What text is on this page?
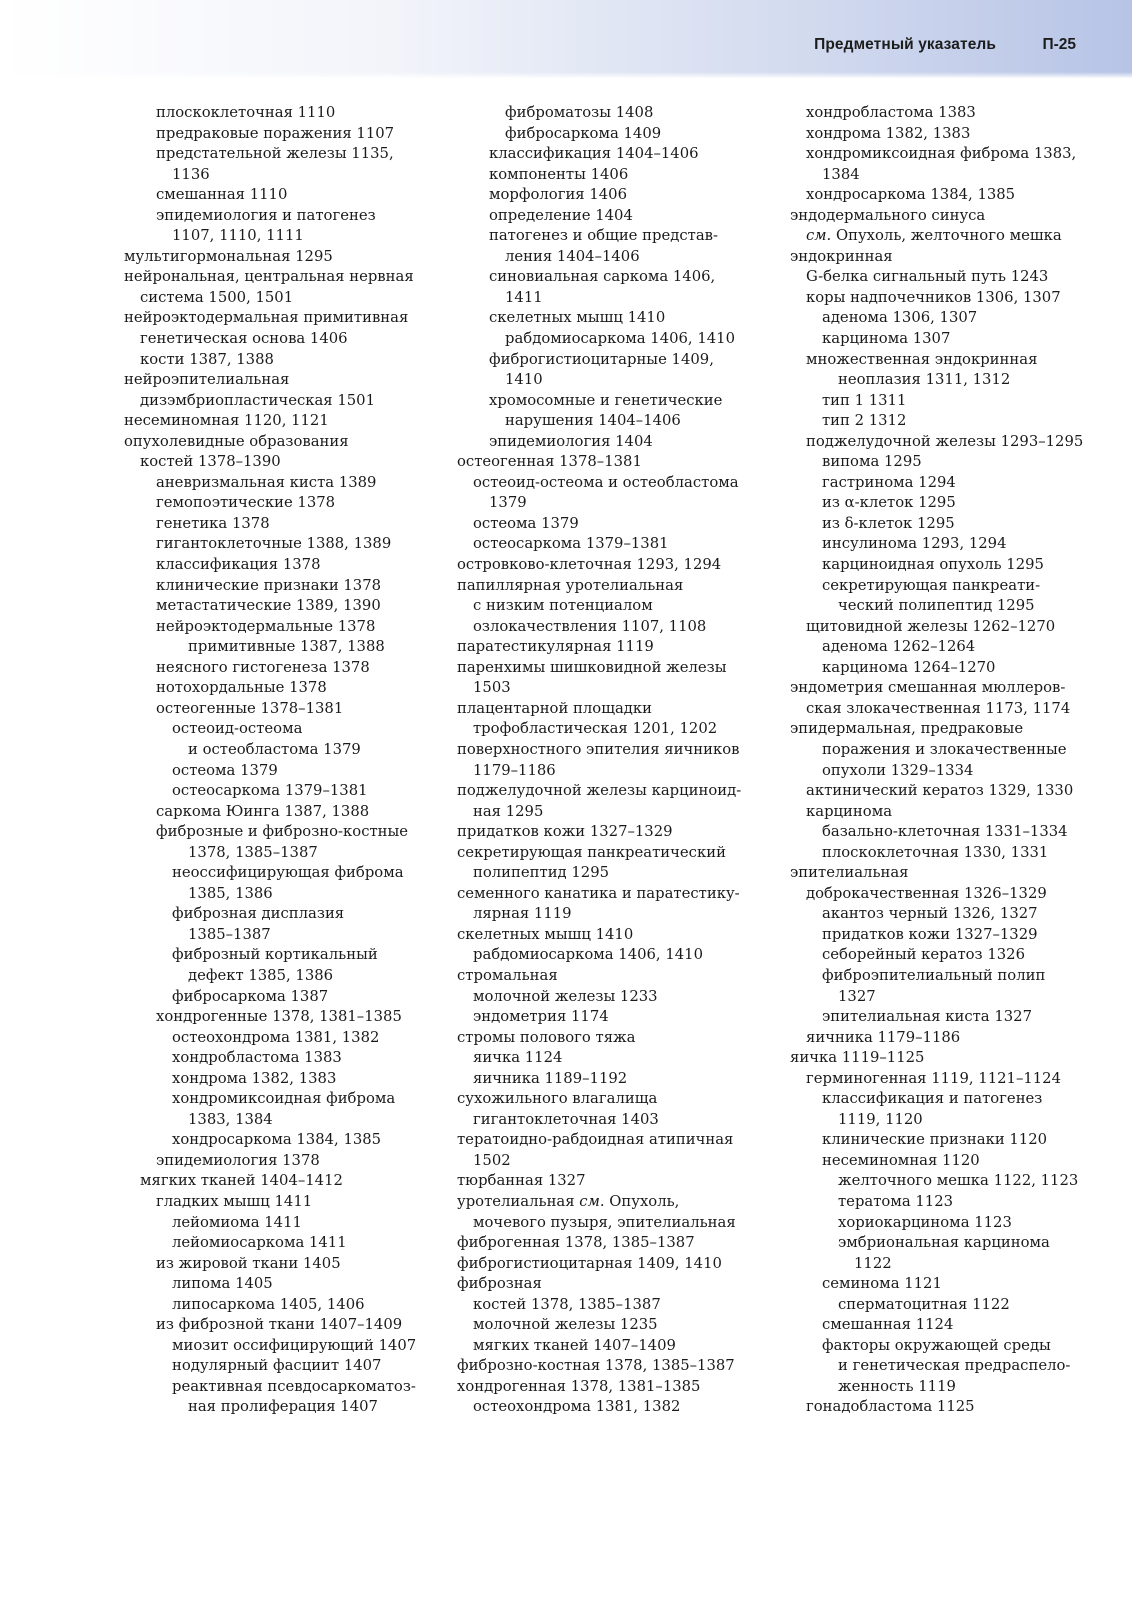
Предметный указатель	П-25
плоскоклеточная 1110
предраковые поражения 1107
предстательной железы 1135,
1136
смешанная 1110
эпидемиология и патогенез
1107, 1110, 1111
мультигормональная 1295
нейрональная, центральная нервная
система 1500, 1501
нейроэктодермальная примитивная
генетическая основа 1406
кости 1387, 1388
нейроэпителиальная
дизэмбриопластическая 1501
несеминомная 1120, 1121
опухолевидные образования
костей 1378–1390
аневризмальная киста 1389
гемопоэтические 1378
генетика 1378
гигантоклеточные 1388, 1389
классификация 1378
клинические признаки 1378
метастатические 1389, 1390
нейроэктодермальные 1378
примитивные 1387, 1388
неясного гистогенеза 1378
нотохордальные 1378
остеогенные 1378–1381
остеоид-остеома
и остеобластома 1379
остеома 1379
остеосаркома 1379–1381
саркома Юинга 1387, 1388
фиброзные и фиброзно-костные
1378, 1385–1387
неоссифицирующая фиброма
1385, 1386
фиброзная дисплазия
1385–1387
фиброзный кортикальный
дефект 1385, 1386
фибросаркома 1387
хондрогенные 1378, 1381–1385
остеохондрома 1381, 1382
хондробластома 1383
хондрома 1382, 1383
хондромиксоидная фиброма
1383, 1384
хондросаркома 1384, 1385
эпидемиология 1378
мягких тканей 1404–1412
гладких мышц 1411
лейомиома 1411
лейомиосаркома 1411
из жировой ткани 1405
липома 1405
липосаркома 1405, 1406
из фиброзной ткани 1407–1409
миозит оссифицирующий 1407
нодулярный фасциит 1407
реактивная псевдосаркоматоз-
ная пролиферация 1407
фиброматозы 1408
фибросаркома 1409
классификация 1404–1406
компоненты 1406
морфология 1406
определение 1404
патогенез и общие представ-
ления 1404–1406
синовиальная саркома 1406,
1411
скелетных мышц 1410
рабдомиосаркома 1406, 1410
фиброгистиоцитарные 1409,
1410
хромосомные и генетические
нарушения 1404–1406
эпидемиология 1404
остеогенная 1378–1381
остеоид-остеома и остеобластома
1379
остеома 1379
остеосаркома 1379–1381
островково-клеточная 1293, 1294
папиллярная уротелиальная
с низким потенциалом
озлокачествления 1107, 1108
паратестикулярная 1119
паренхимы шишковидной железы
1503
плацентарной площадки
трофобластическая 1201, 1202
поверхностного эпителия яичников
1179–1186
поджелудочной железы карциноид-
ная 1295
придатков кожи 1327–1329
секретирующая панкреатический
полипептид 1295
семенного канатика и паратестику-
лярная 1119
скелетных мышц 1410
рабдомиосаркома 1406, 1410
стромальная
молочной железы 1233
эндометрия 1174
стромы полового тяжа
яичка 1124
яичника 1189–1192
сухожильного влагалища
гигантоклеточная 1403
тератоидно-рабдоидная атипичная
1502
тюрбанная 1327
уротелиальная см. Опухоль,
мочевого пузыря, эпителиальная
фиброгенная 1378, 1385–1387
фиброгистиоцитарная 1409, 1410
фиброзная
костей 1378, 1385–1387
молочной железы 1235
мягких тканей 1407–1409
фиброзно-костная 1378, 1385–1387
хондрогенная 1378, 1381–1385
остеохондрома 1381, 1382
хондробластома 1383
хондрома 1382, 1383
хондромиксоидная фиброма 1383,
1384
хондросаркома 1384, 1385
эндодермального синуса
см. Опухоль, желточного мешка
эндокринная
G-белка сигнальный путь 1243
коры надпочечников 1306, 1307
аденома 1306, 1307
карцинома 1307
множественная эндокринная
неоплазия 1311, 1312
тип 1 1311
тип 2 1312
поджелудочной железы 1293–1295
випома 1295
гастринома 1294
из α-клеток 1295
из δ-клеток 1295
инсулинома 1293, 1294
карциноидная опухоль 1295
секретирующая панкреати-
ческий полипептид 1295
щитовидной железы 1262–1270
аденома 1262–1264
карцинома 1264–1270
эндометрия смешанная мюллеров-
ская злокачественная 1173, 1174
эпидермальная, предраковые
поражения и злокачественные
опухоли 1329–1334
актинический кератоз 1329, 1330
карцинома
базально-клеточная 1331–1334
плоскоклеточная 1330, 1331
эпителиальная
доброкачественная 1326–1329
акантоз черный 1326, 1327
придатков кожи 1327–1329
себорейный кератоз 1326
фиброэпителиальный полип
1327
эпителиальная киста 1327
яичника 1179–1186
яичка 1119–1125
герминогенная 1119, 1121–1124
классификация и патогенез
1119, 1120
клинические признаки 1120
несеминомная 1120
желточного мешка 1122, 1123
тератома 1123
хориокарцинома 1123
эмбриональная карцинома
1122
семинома 1121
сперматоцитная 1122
смешанная 1124
факторы окружающей среды
и генетическая предраспело-
женность 1119
гонадобластома 1125
